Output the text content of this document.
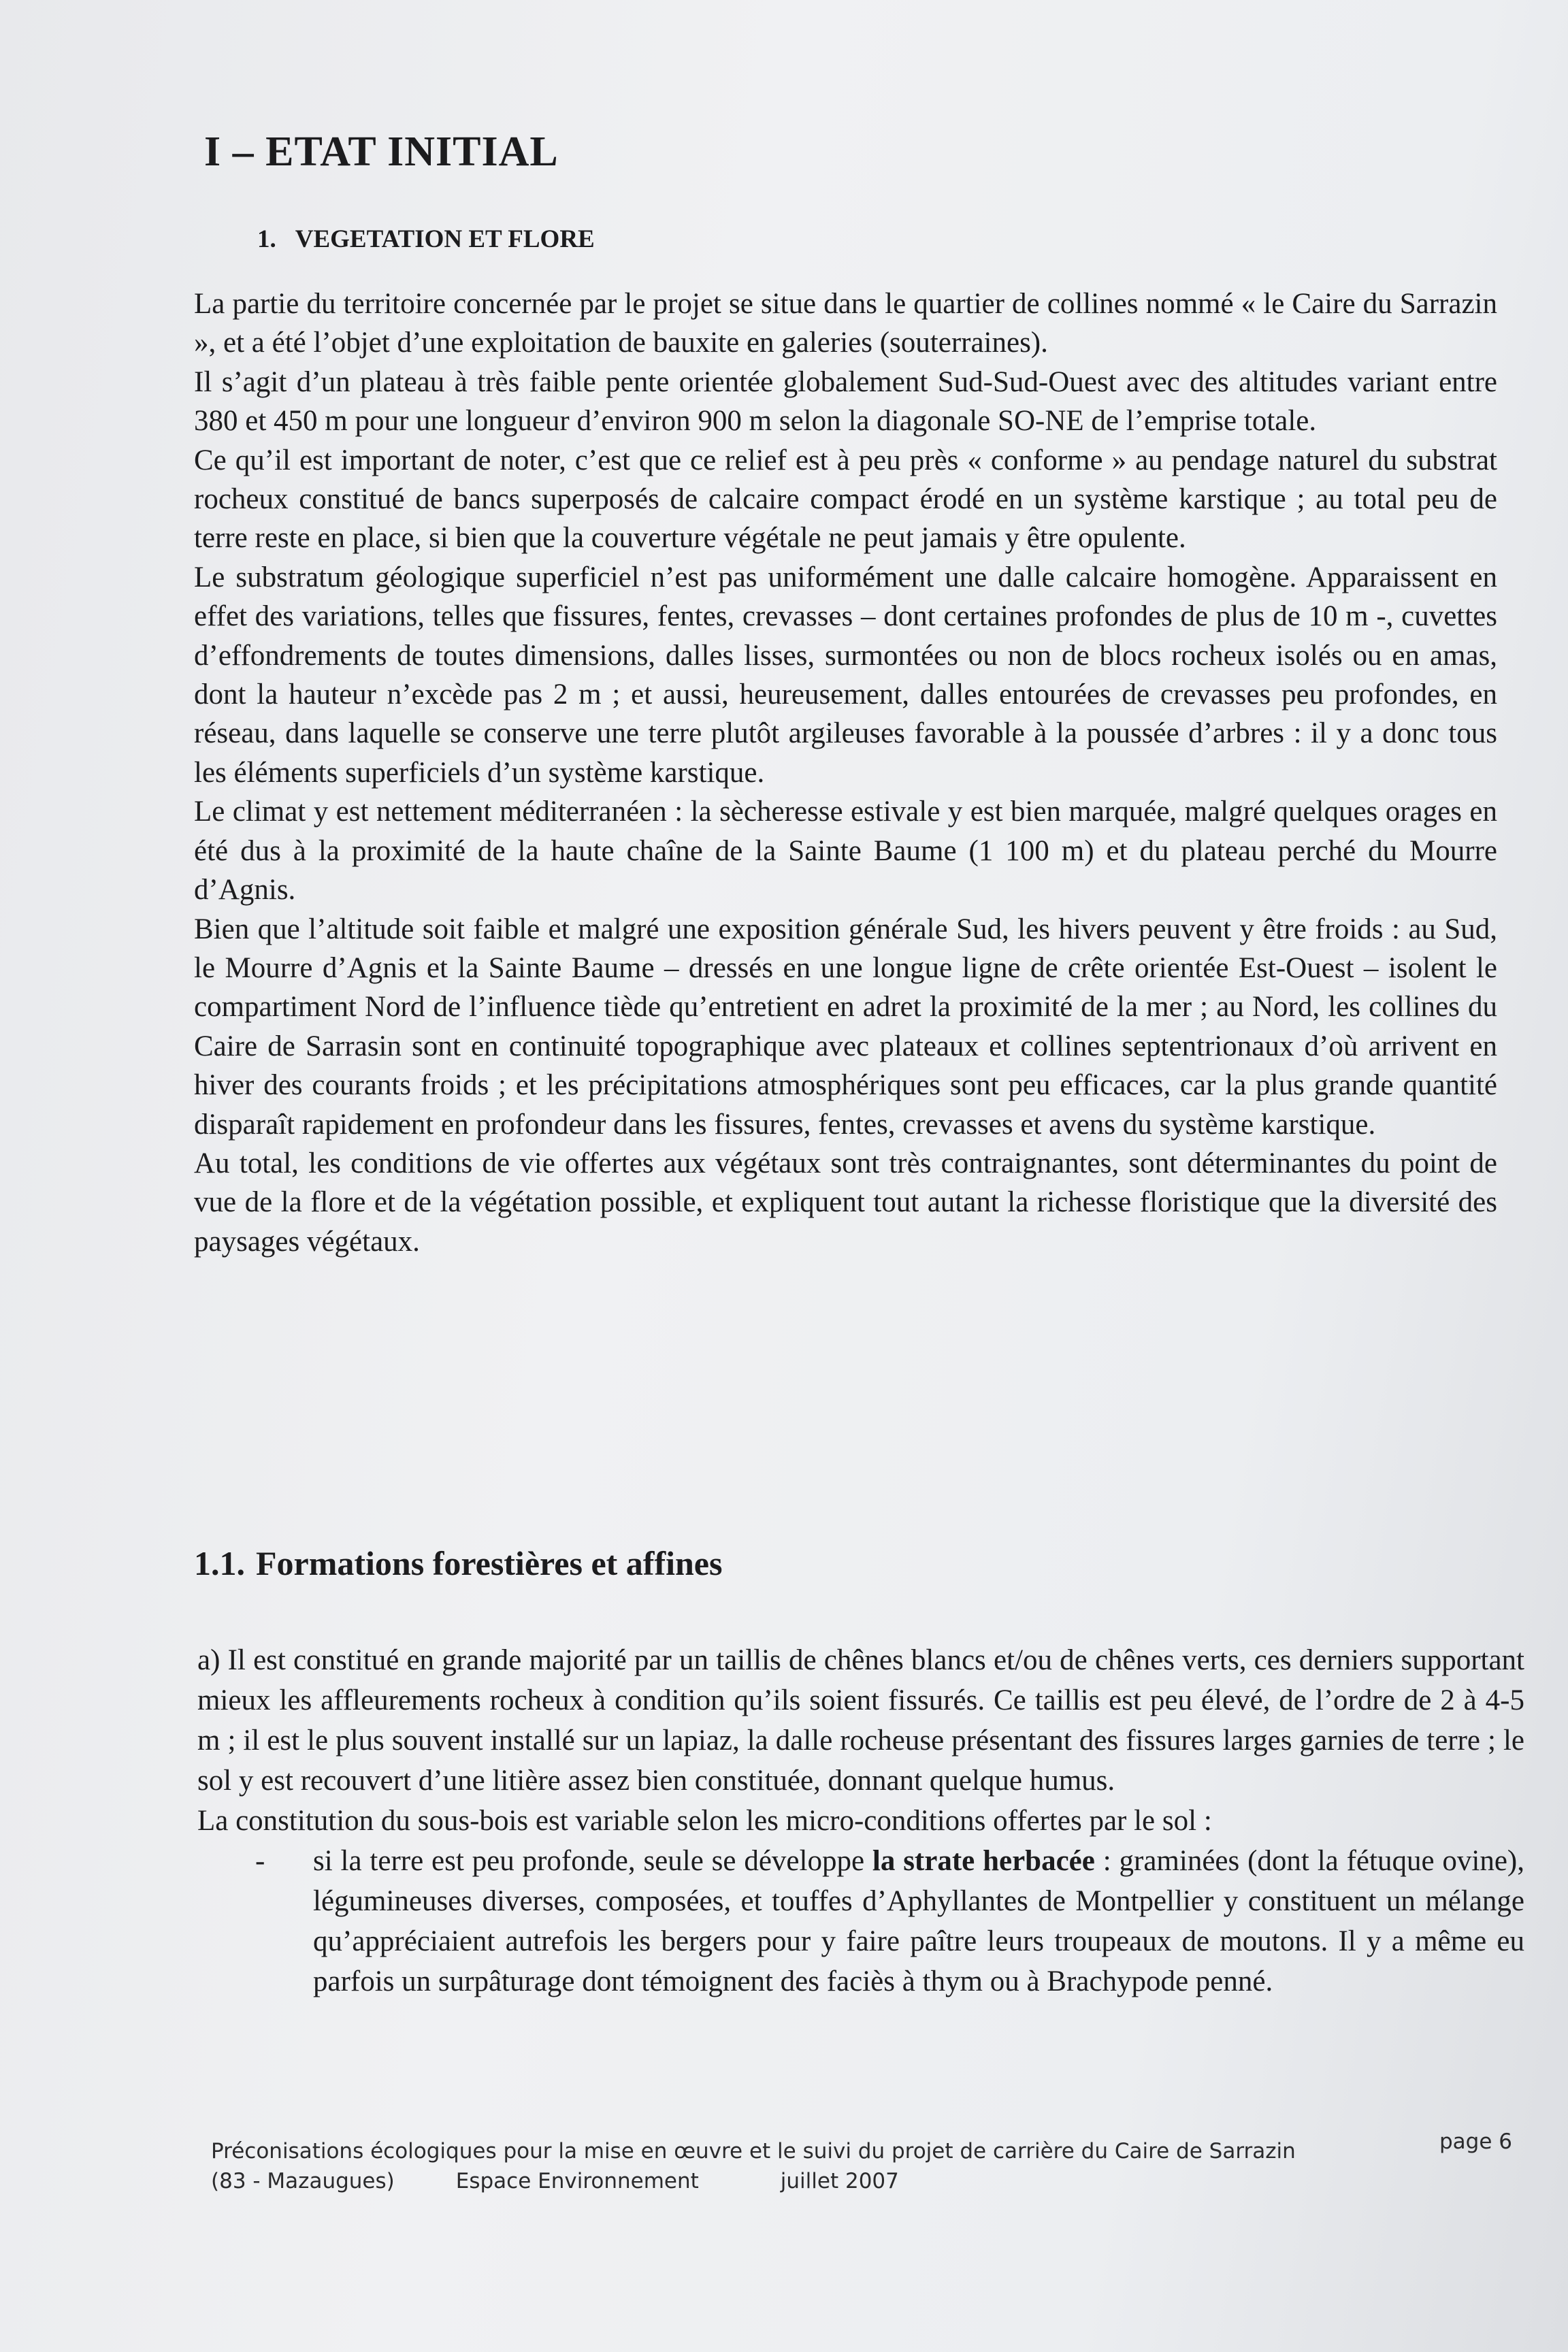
I – ETAT INITIAL
1. VEGETATION ET FLORE

La partie du territoire concernée par le projet se situe dans le quartier de collines nommé « le Caire du Sarrazin », et a été l’objet d’une exploitation de bauxite en galeries (souterraines).

Il s’agit d’un plateau à très faible pente orientée globalement Sud-Sud-Ouest avec des altitudes variant entre 380 et 450 m pour une longueur d’environ 900 m selon la diagonale SO-NE de l’emprise totale.

Ce qu’il est important de noter, c’est que ce relief est à peu près « conforme » au pendage naturel du substrat rocheux constitué de bancs superposés de calcaire compact érodé en un système karstique ; au total peu de terre reste en place, si bien que la couverture végétale ne peut jamais y être opulente.

Le substratum géologique superficiel n’est pas uniformément une dalle calcaire homogène. Apparaissent en effet des variations, telles que fissures, fentes, crevasses – dont certaines profondes de plus de 10 m -, cuvettes d’effondrements de toutes dimensions, dalles lisses, surmontées ou non de blocs rocheux isolés ou en amas, dont la hauteur n’excède pas 2 m ; et aussi, heureusement, dalles entourées de crevasses peu profondes, en réseau, dans laquelle se conserve une terre plutôt argileuses favorable à la poussée d’arbres : il y a donc tous les éléments superficiels d’un système karstique.

Le climat y est nettement méditerranéen : la sècheresse estivale y est bien marquée, malgré quelques orages en été dus à la proximité de la haute chaîne de la Sainte Baume (1 100 m) et du plateau perché du Mourre d’Agnis.

Bien que l’altitude soit faible et malgré une exposition générale Sud, les hivers peuvent y être froids : au Sud, le Mourre d’Agnis et la Sainte Baume – dressés en une longue ligne de crête orientée Est-Ouest – isolent le compartiment Nord de l’influence tiède qu’entretient en adret la proximité de la mer ; au Nord, les collines du Caire de Sarrasin sont en continuité topographique avec plateaux et collines septentrionaux d’où arrivent en hiver des courants froids ; et les précipitations atmosphériques sont peu efficaces, car la plus grande quantité disparaît rapidement en profondeur dans les fissures, fentes, crevasses et avens du système karstique.

Au total, les conditions de vie offertes aux végétaux sont très contraignantes, sont déterminantes du point de vue de la flore et de la végétation possible, et expliquent tout autant la richesse floristique que la diversité des paysages végétaux.

1.1. Formations forestières et affines

a) Il est constitué en grande majorité par un taillis de chênes blancs et/ou de chênes verts, ces derniers supportant mieux les affleurements rocheux à condition qu’ils soient fissurés. Ce taillis est peu élevé, de l’ordre de 2 à 4-5 m ; il est le plus souvent installé sur un lapiaz, la dalle rocheuse présentant des fissures larges garnies de terre ; le sol y est recouvert d’une litière assez bien constituée, donnant quelque humus.

La constitution du sous-bois est variable selon les micro-conditions offertes par le sol :

- si la terre est peu profonde, seule se développe la strate herbacée : graminées (dont la fétuque ovine), légumineuses diverses, composées, et touffes d’Aphyllantes de Montpellier y constituent un mélange qu’appréciaient autrefois les bergers pour y faire paître leurs troupeaux de moutons. Il y a même eu parfois un surpâturage dont témoignent des faciès à thym ou à Brachypode penné.
Préconisations écologiques pour la mise en œuvre et le suivi du projet de carrière du Caire de Sarrazin	page 6
(83 - Mazaugues)	Espace Environnement	juillet 2007
